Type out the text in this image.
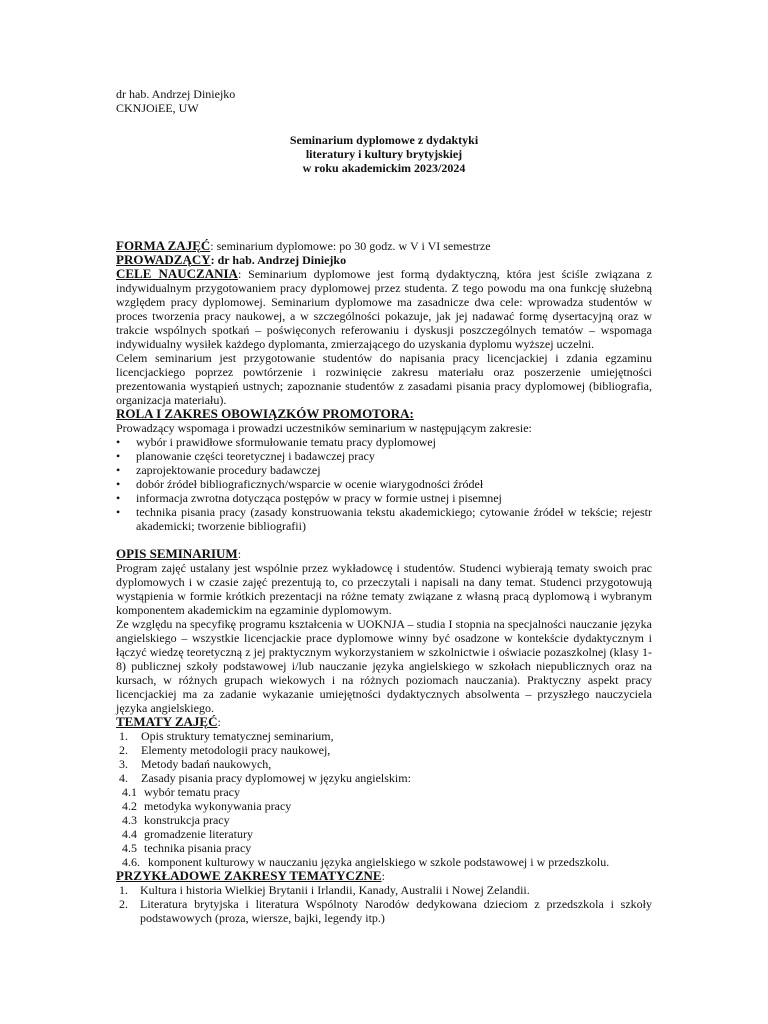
dr hab. Andrzej Diniejko
CKNJOiEE, UW
Seminarium dyplomowe z dydaktyki
literatury i kultury brytyjskiej
w roku akademickim 2023/2024
FORMA ZAJĘĆ: seminarium dyplomowe: po 30 godz. w V i VI semestrze
PROWADZĄCY: dr hab. Andrzej Diniejko

CELE NAUCZANIA: Seminarium dyplomowe jest formą dydaktyczną, która jest ściśle związana z indywidualnym przygotowaniem pracy dyplomowej przez studenta. Z tego powodu ma ona funkcję służebną względem pracy dyplomowej. Seminarium dyplomowe ma zasadnicze dwa cele: wprowadza studentów w proces tworzenia pracy naukowej, a w szczególności pokazuje, jak jej nadawać formę dysertacyjną oraz w trakcie wspólnych spotkań – poświęconych referowaniu i dyskusji poszczególnych tematów – wspomaga indywidualny wysiłek każdego dyplomanta, zmierzającego do uzyskania dyplomu wyższej uczelni.

Celem seminarium jest przygotowanie studentów do napisania pracy licencjackiej i zdania egzaminu licencjackiego poprzez powtórzenie i rozwinięcie zakresu materiału oraz poszerzenie umiejętności prezentowania wystąpień ustnych; zapoznanie studentów z zasadami pisania pracy dyplomowej (bibliografia, organizacja materiału).

ROLA I ZAKRES OBOWIĄZKÓW PROMOTORA:

Prowadzący wspomaga i prowadzi uczestników seminarium w następującym zakresie:

• wybór i prawidłowe sformułowanie tematu pracy dyplomowej
• planowanie części teoretycznej i badawczej pracy
• zaprojektowanie procedury badawczej
• dobór źródeł bibliograficznych/wsparcie w ocenie wiarygodności źródeł
• informacja zwrotna dotycząca postępów w pracy w formie ustnej i pisemnej
• technika pisania pracy (zasady konstruowania tekstu akademickiego; cytowanie źródeł w tekście; rejestr akademicki; tworzenie bibliografii)
OPIS SEMINARIUM:

Program zajęć ustalany jest wspólnie przez wykładowcę i studentów. Studenci wybierają tematy swoich prac dyplomowych i w czasie zajęć prezentują to, co przeczytali i napisali na dany temat. Studenci przygotowują wystąpienia w formie krótkich prezentacji na różne tematy związane z własną pracą dyplomową i wybranym komponentem akademickim na egzaminie dyplomowym.

Ze względu na specyfikę programu kształcenia w UOKNJA – studia I stopnia na specjalności nauczanie języka angielskiego – wszystkie licencjackie prace dyplomowe winny być osadzone w kontekście dydaktycznym i łączyć wiedzę teoretyczną z jej praktycznym wykorzystaniem w szkolnictwie i oświacie pozaszkolnej (klasy 1-8) publicznej szkoły podstawowej i/lub nauczanie języka angielskiego w szkołach niepublicznych oraz na kursach, w różnych grupach wiekowych i na różnych poziomach nauczania). Praktyczny aspekt pracy licencjackiej ma za zadanie wykazanie umiejętności dydaktycznych absolwenta – przyszłego nauczyciela języka angielskiego.

TEMATY ZAJĘĆ:
1.	Opis struktury tematycznej seminarium,
2.	Elementy metodologii pracy naukowej,
3.	Metody badań naukowych,
4.	Zasady pisania pracy dyplomowej w języku angielskim:
4.1 wybór tematu pracy
4.2 metodyka wykonywania pracy
4.3 konstrukcja pracy
4.4 gromadzenie literatury
4.5 technika pisania pracy
4.6. komponent kulturowy w nauczaniu języka angielskiego w szkole podstawowej i w przedszkolu.
PRZYKŁADOWE ZAKRESY TEMATYCZNE:
1.	Kultura i historia Wielkiej Brytanii i Irlandii, Kanady, Australii i Nowej Zelandii.
2.	Literatura brytyjska i literatura Wspólnoty Narodów dedykowana dzieciom z przedszkola i szkoły podstawowych (proza, wiersze, bajki, legendy itp.)
